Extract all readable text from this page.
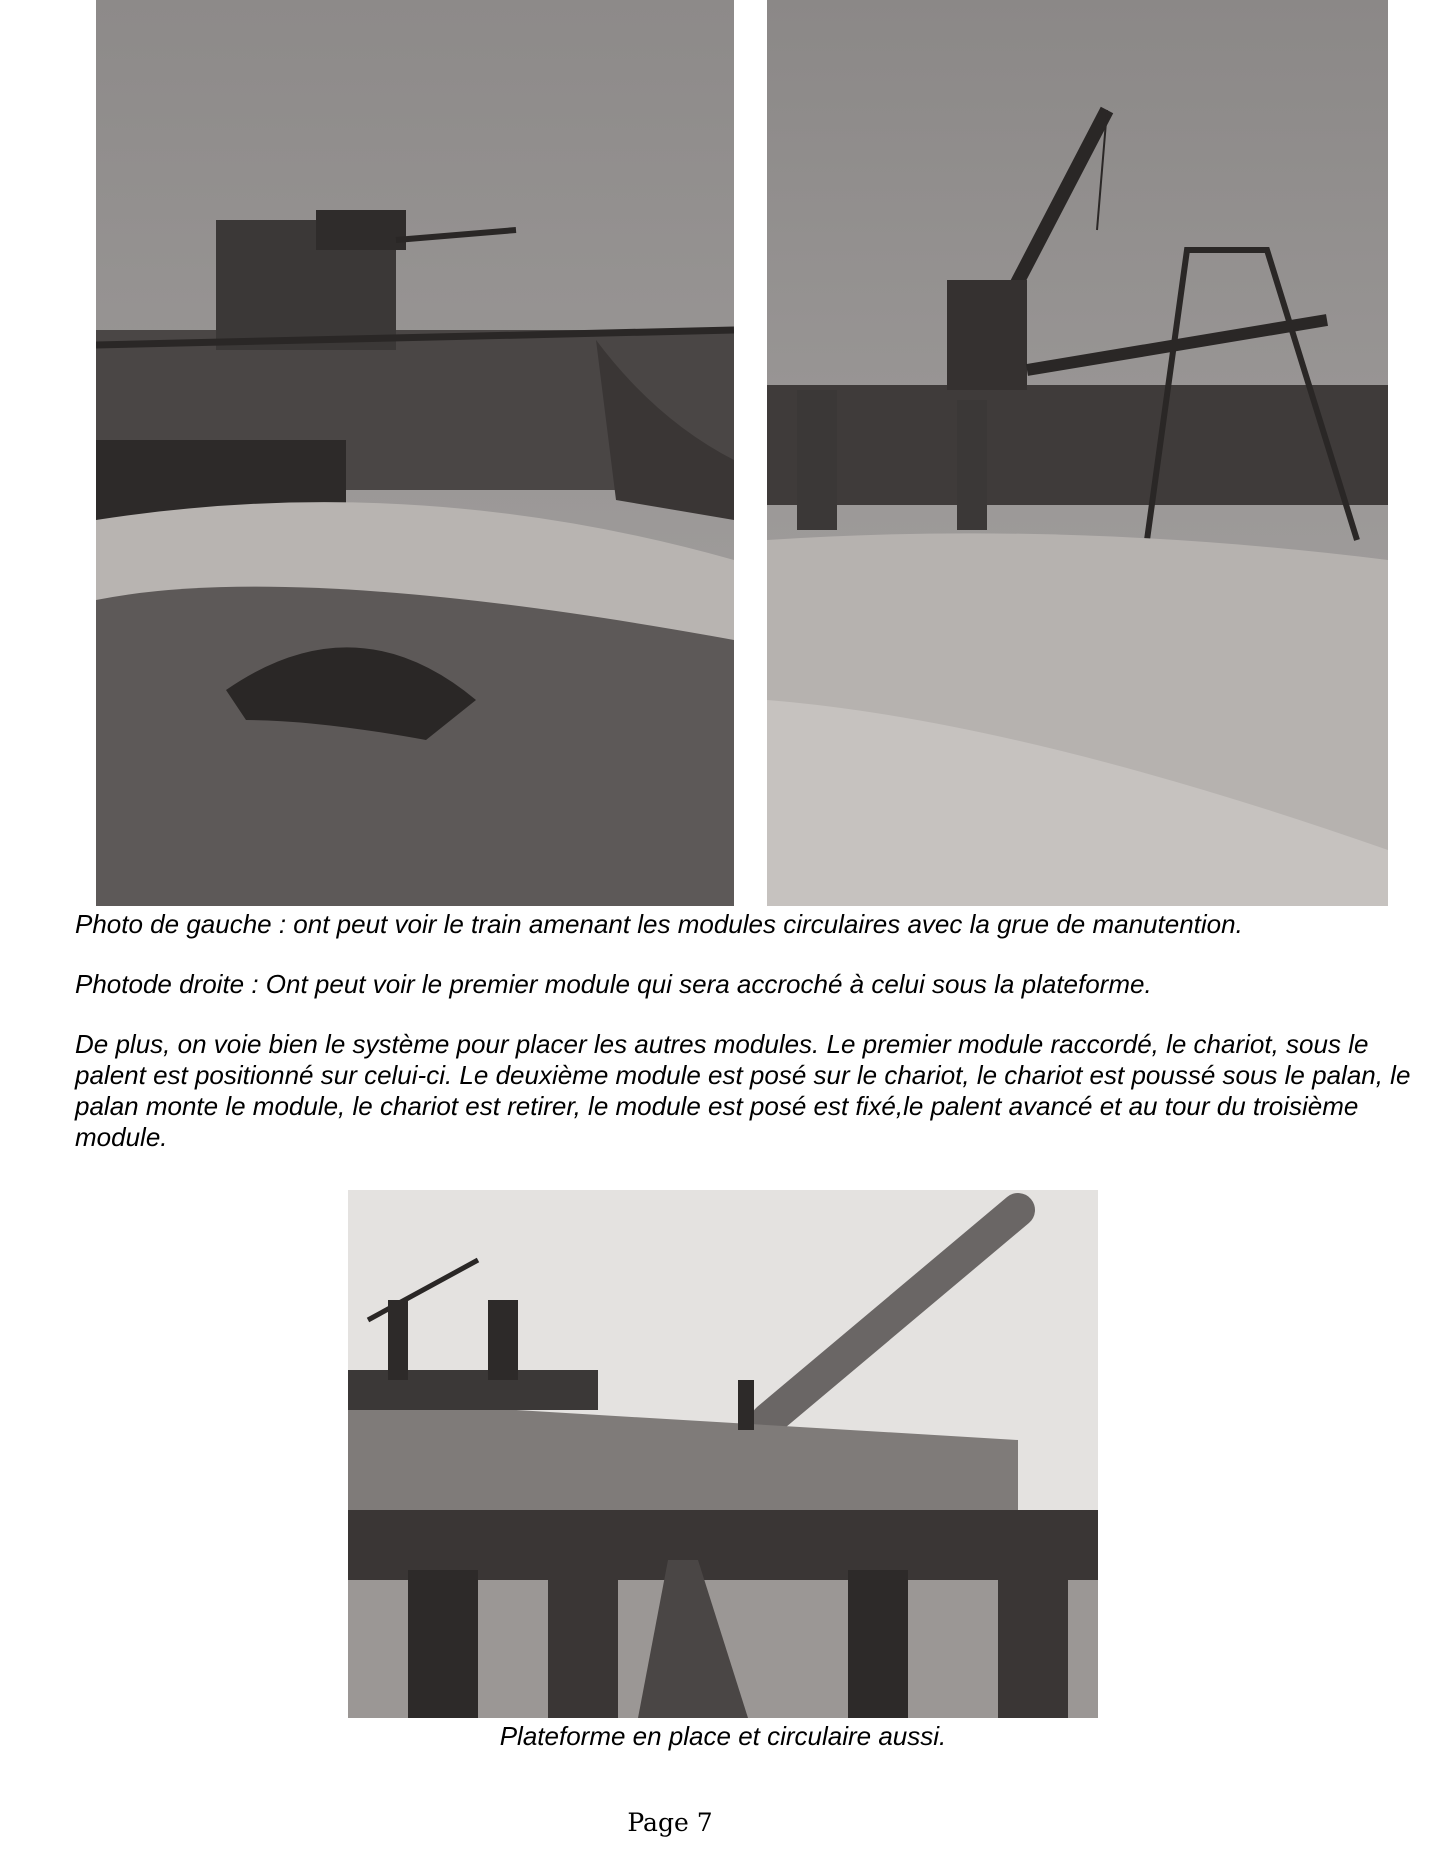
Photo de gauche : ont peut voir le train amenant les modules circulaires avec la grue de manutention.

Photode droite : Ont peut voir le premier module qui sera accroché à celui sous la plateforme.

De plus, on voie bien le système pour placer les autres modules. Le premier module raccordé, le chariot, sous le palent est positionné sur celui-ci. Le deuxième module est posé sur le chariot, le chariot est poussé sous le palan, le palan monte le module, le chariot est retirer, le module est posé est fixé,le palent avancé et au tour du troisième module.

Plateforme en place et circulaire aussi.

Page 7
